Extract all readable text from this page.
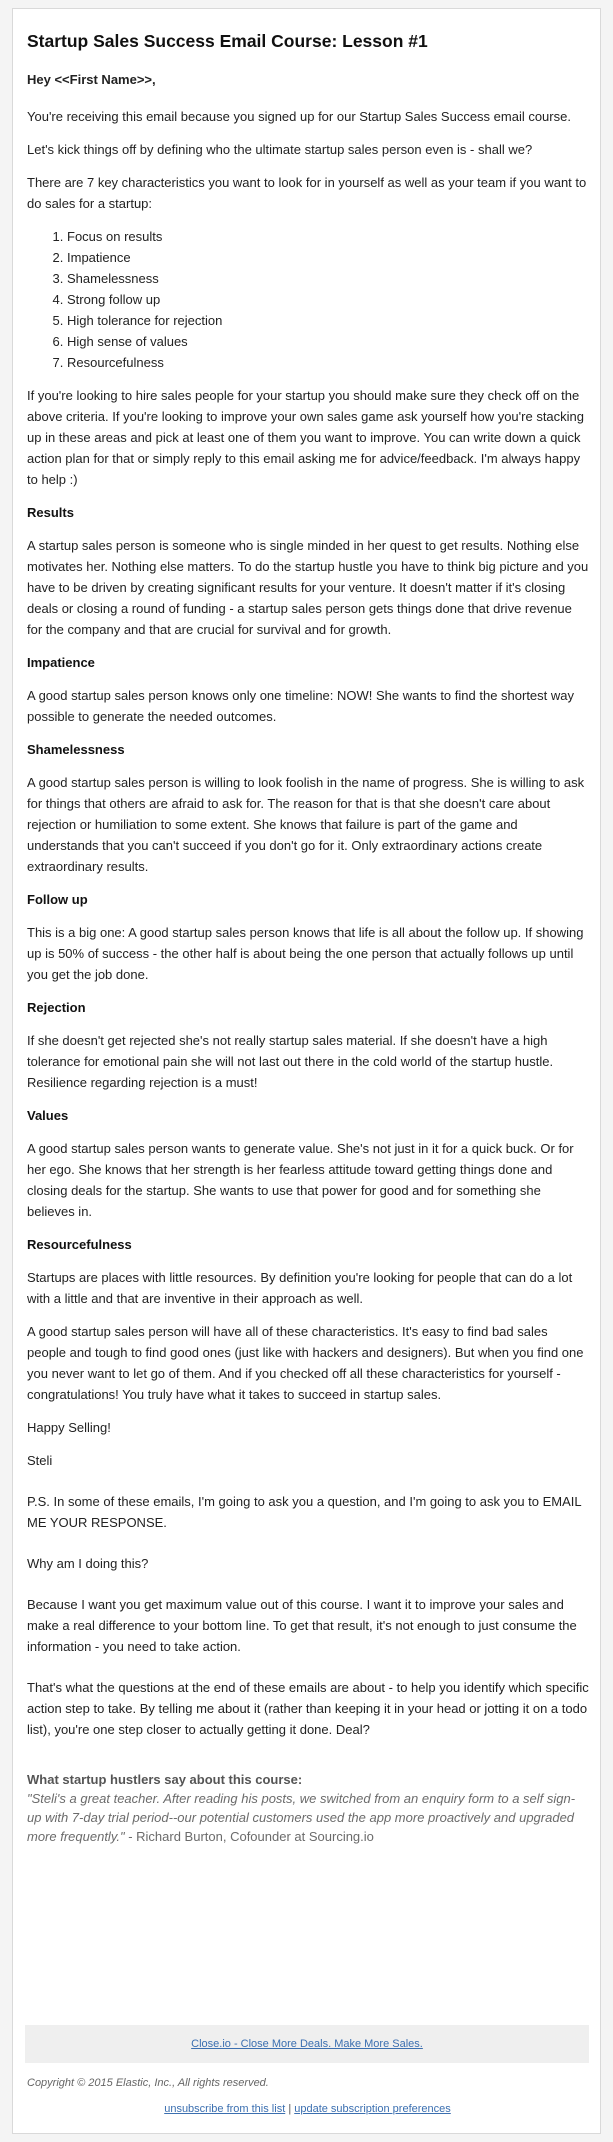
Startup Sales Success Email Course: Lesson #1

Hey <<First Name>>,

You're receiving this email because you signed up for our Startup Sales Success email course.

Let's kick things off by defining who the ultimate startup sales person even is - shall we?

There are 7 key characteristics you want to look for in yourself as well as your team if you want to do sales for a startup:

1. Focus on results
2. Impatience
3. Shamelessness
4. Strong follow up
5. High tolerance for rejection
6. High sense of values
7. Resourcefulness

If you're looking to hire sales people for your startup you should make sure they check off on the above criteria. If you're looking to improve your own sales game ask yourself how you're stacking up in these areas and pick at least one of them you want to improve. You can write down a quick action plan for that or simply reply to this email asking me for advice/feedback. I'm always happy to help :)

Results

A startup sales person is someone who is single minded in her quest to get results. Nothing else motivates her. Nothing else matters. To do the startup hustle you have to think big picture and you have to be driven by creating significant results for your venture. It doesn't matter if it's closing deals or closing a round of funding - a startup sales person gets things done that drive revenue for the company and that are crucial for survival and for growth.

Impatience

A good startup sales person knows only one timeline: NOW! She wants to find the shortest way possible to generate the needed outcomes.

Shamelessness

A good startup sales person is willing to look foolish in the name of progress. She is willing to ask for things that others are afraid to ask for. The reason for that is that she doesn't care about rejection or humiliation to some extent. She knows that failure is part of the game and understands that you can't succeed if you don't go for it. Only extraordinary actions create extraordinary results.

Follow up

This is a big one: A good startup sales person knows that life is all about the follow up. If showing up is 50% of success - the other half is about being the one person that actually follows up until you get the job done.

Rejection

If she doesn't get rejected she's not really startup sales material. If she doesn't have a high tolerance for emotional pain she will not last out there in the cold world of the startup hustle. Resilience regarding rejection is a must!

Values

A good startup sales person wants to generate value. She's not just in it for a quick buck. Or for her ego. She knows that her strength is her fearless attitude toward getting things done and closing deals for the startup. She wants to use that power for good and for something she believes in.

Resourcefulness

Startups are places with little resources. By definition you're looking for people that can do a lot with a little and that are inventive in their approach as well.

A good startup sales person will have all of these characteristics. It's easy to find bad sales people and tough to find good ones (just like with hackers and designers). But when you find one you never want to let go of them. And if you checked off all these characteristics for yourself - congratulations! You truly have what it takes to succeed in startup sales.

Happy Selling!

Steli

P.S. In some of these emails, I'm going to ask you a question, and I'm going to ask you to EMAIL ME YOUR RESPONSE.

Why am I doing this?

Because I want you get maximum value out of this course. I want it to improve your sales and make a real difference to your bottom line. To get that result, it's not enough to just consume the information - you need to take action.

That's what the questions at the end of these emails are about - to help you identify which specific action step to take. By telling me about it (rather than keeping it in your head or jotting it on a todo list), you're one step closer to actually getting it done. Deal?

What startup hustlers say about this course:
"Steli's a great teacher. After reading his posts, we switched from an enquiry form to a self sign-up with 7-day trial period--our potential customers used the app more proactively and upgraded more frequently." - Richard Burton, Cofounder at Sourcing.io
Close.io - Close More Deals. Make More Sales.
Copyright © 2015 Elastic, Inc., All rights reserved.
unsubscribe from this list | update subscription preferences
